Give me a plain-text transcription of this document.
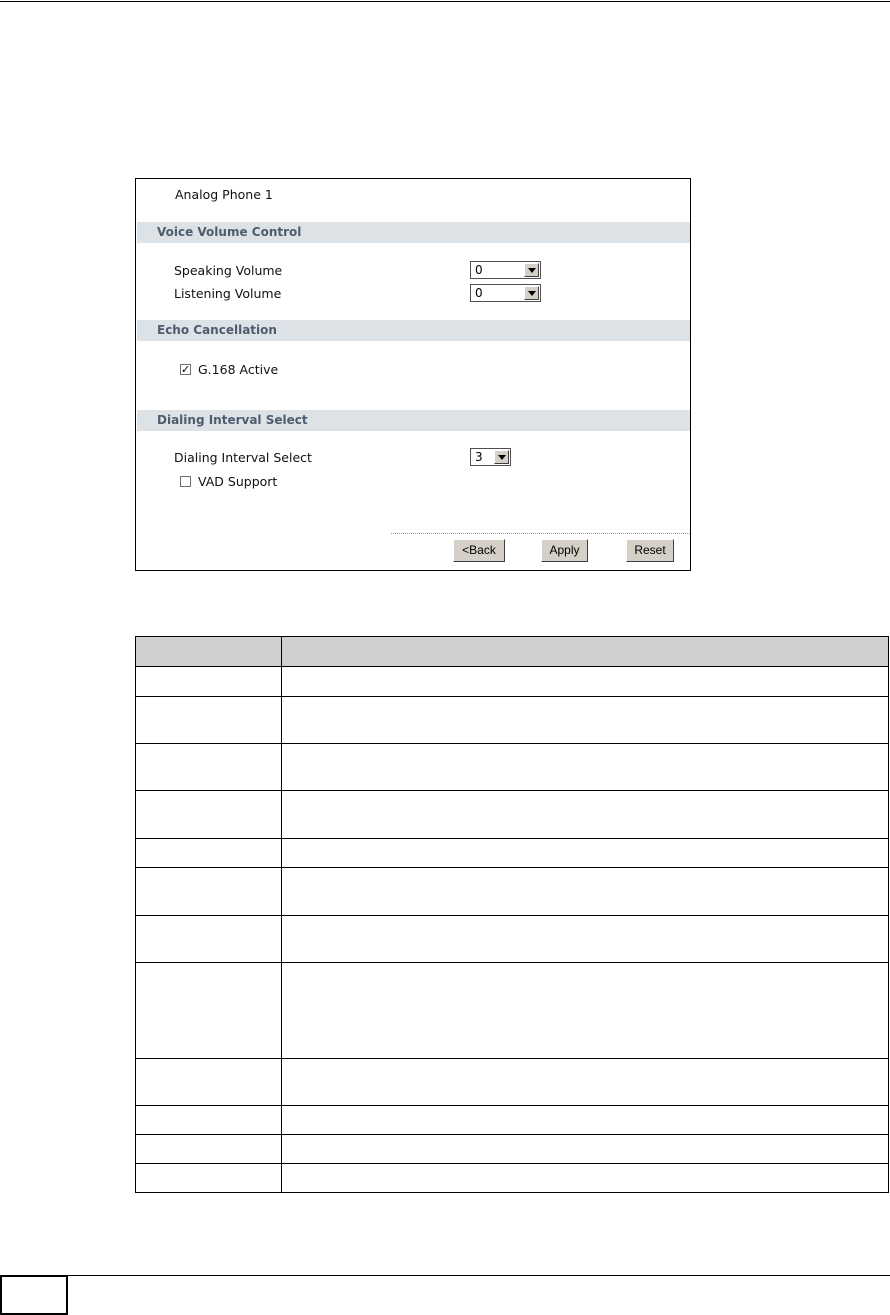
Analog Phone 1
Voice Volume Control
Speaking Volume	0
Listening Volume	0
Echo Cancellation
✓ G.168 Active
Dialing Interval Select
Dialing Interval Select	3
VAD Support
<Back	Apply	Reset
